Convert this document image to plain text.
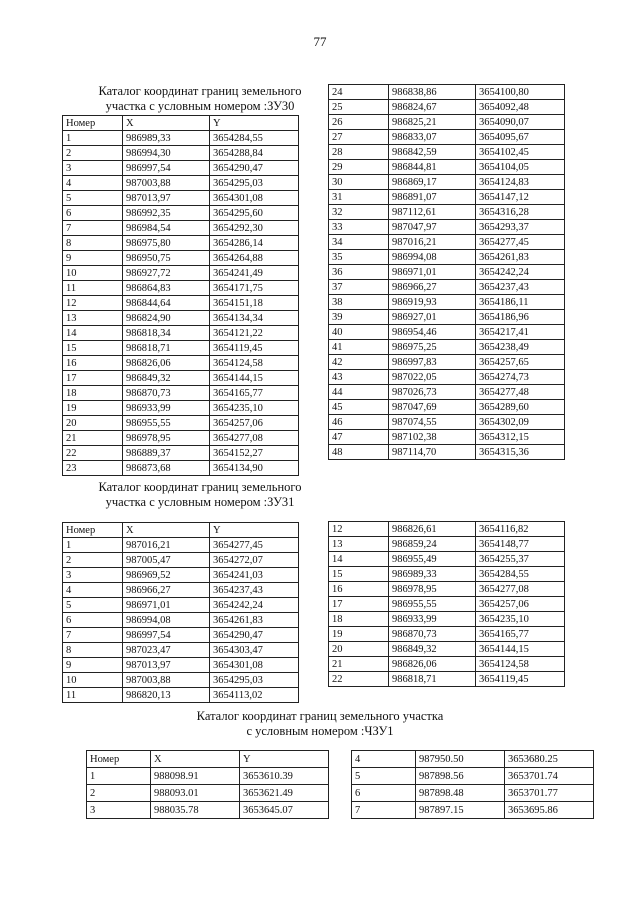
77
Каталог координат границ земельного
участка с условным номером :ЗУ30
Номер	X	Y
1	986989,33	3654284,55
2	986994,30	3654288,84
3	986997,54	3654290,47
4	987003,88	3654295,03
5	987013,97	3654301,08
6	986992,35	3654295,60
7	986984,54	3654292,30
8	986975,80	3654286,14
9	986950,75	3654264,88
10	986927,72	3654241,49
11	986864,83	3654171,75
12	986844,64	3654151,18
13	986824,90	3654134,34
14	986818,34	3654121,22
15	986818,71	3654119,45
16	986826,06	3654124,58
17	986849,32	3654144,15
18	986870,73	3654165,77
19	986933,99	3654235,10
20	986955,55	3654257,06
21	986978,95	3654277,08
22	986889,37	3654152,27
23	986873,68	3654134,90
24	986838,86	3654100,80
25	986824,67	3654092,48
26	986825,21	3654090,07
27	986833,07	3654095,67
28	986842,59	3654102,45
29	986844,81	3654104,05
30	986869,17	3654124,83
31	986891,07	3654147,12
32	987112,61	3654316,28
33	987047,97	3654293,37
34	987016,21	3654277,45
35	986994,08	3654261,83
36	986971,01	3654242,24
37	986966,27	3654237,43
38	986919,93	3654186,11
39	986927,01	3654186,96
40	986954,46	3654217,41
41	986975,25	3654238,49
42	986997,83	3654257,65
43	987022,05	3654274,73
44	987026,73	3654277,48
45	987047,69	3654289,60
46	987074,55	3654302,09
47	987102,38	3654312,15
48	987114,70	3654315,36
Каталог координат границ земельного
участка с условным номером :ЗУ31
Номер	X	Y
1	987016,21	3654277,45
2	987005,47	3654272,07
3	986969,52	3654241,03
4	986966,27	3654237,43
5	986971,01	3654242,24
6	986994,08	3654261,83
7	986997,54	3654290,47
8	987023,47	3654303,47
9	987013,97	3654301,08
10	987003,88	3654295,03
11	986820,13	3654113,02
12	986826,61	3654116,82
13	986859,24	3654148,77
14	986955,49	3654255,37
15	986989,33	3654284,55
16	986978,95	3654277,08
17	986955,55	3654257,06
18	986933,99	3654235,10
19	986870,73	3654165,77
20	986849,32	3654144,15
21	986826,06	3654124,58
22	986818,71	3654119,45
Каталог координат границ земельного участка
с условным номером :ЧЗУ1
Номер	X	Y
1	988098.91	3653610.39
2	988093.01	3653621.49
3	988035.78	3653645.07
4	987950.50	3653680.25
5	987898.56	3653701.74
6	987898.48	3653701.77
7	987897.15	3653695.86
